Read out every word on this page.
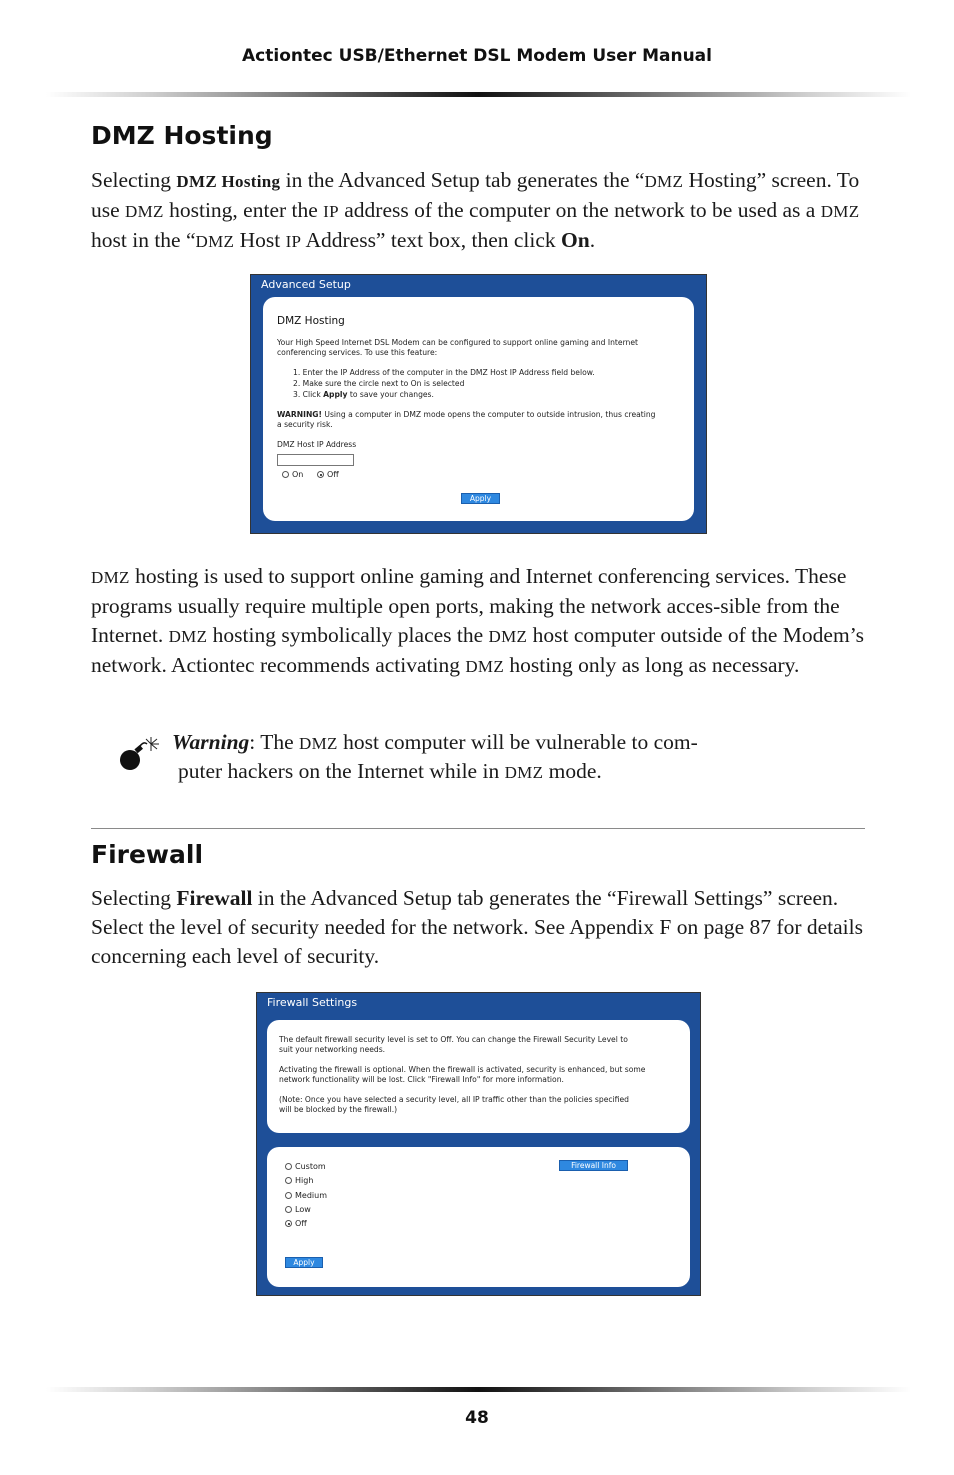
Actiontec USB/Ethernet DSL Modem User Manual
DMZ Hosting

Selecting DMZ Hosting in the Advanced Setup tab generates the “DMZ Hosting” screen. To use DMZ hosting, enter the IP address of the computer on the network to be used as a DMZ host in the “DMZ Host IP Address” text box, then click On.

Advanced Setup
DMZ Hosting
Your High Speed Internet DSL Modem can be configured to support online gaming and Internet
conferencing services. To use this feature:
1. Enter the IP Address of the computer in the DMZ Host IP Address field below.
2. Make sure the circle next to On is selected
3. Click Apply to save your changes.
WARNING! Using a computer in DMZ mode opens the computer to outside intrusion, thus creating
a security risk.
DMZ Host IP Address
On	Off
Apply

DMZ hosting is used to support online gaming and Internet conferencing services. These programs usually require multiple open ports, making the network acces-sible from the Internet. DMZ hosting symbolically places the DMZ host computer outside of the Modem’s network. Actiontec recommends activating DMZ hosting only as long as necessary.

Warning: The DMZ host computer will be vulnerable to com-
puter hackers on the Internet while in DMZ mode.
Firewall

Selecting Firewall in the Advanced Setup tab generates the “Firewall Settings” screen. Select the level of security needed for the network. See Appendix F on page 87 for details concerning each level of security.

Firewall Settings
The default firewall security level is set to Off. You can change the Firewall Security Level to
suit your networking needs.
Activating the firewall is optional. When the firewall is activated, security is enhanced, but some
network functionality will be lost. Click "Firewall Info" for more information.
(Note: Once you have selected a security level, all IP traffic other than the policies specified
will be blocked by the firewall.)
Custom
High
Medium
Low
Off
Firewall Info
Apply
48
